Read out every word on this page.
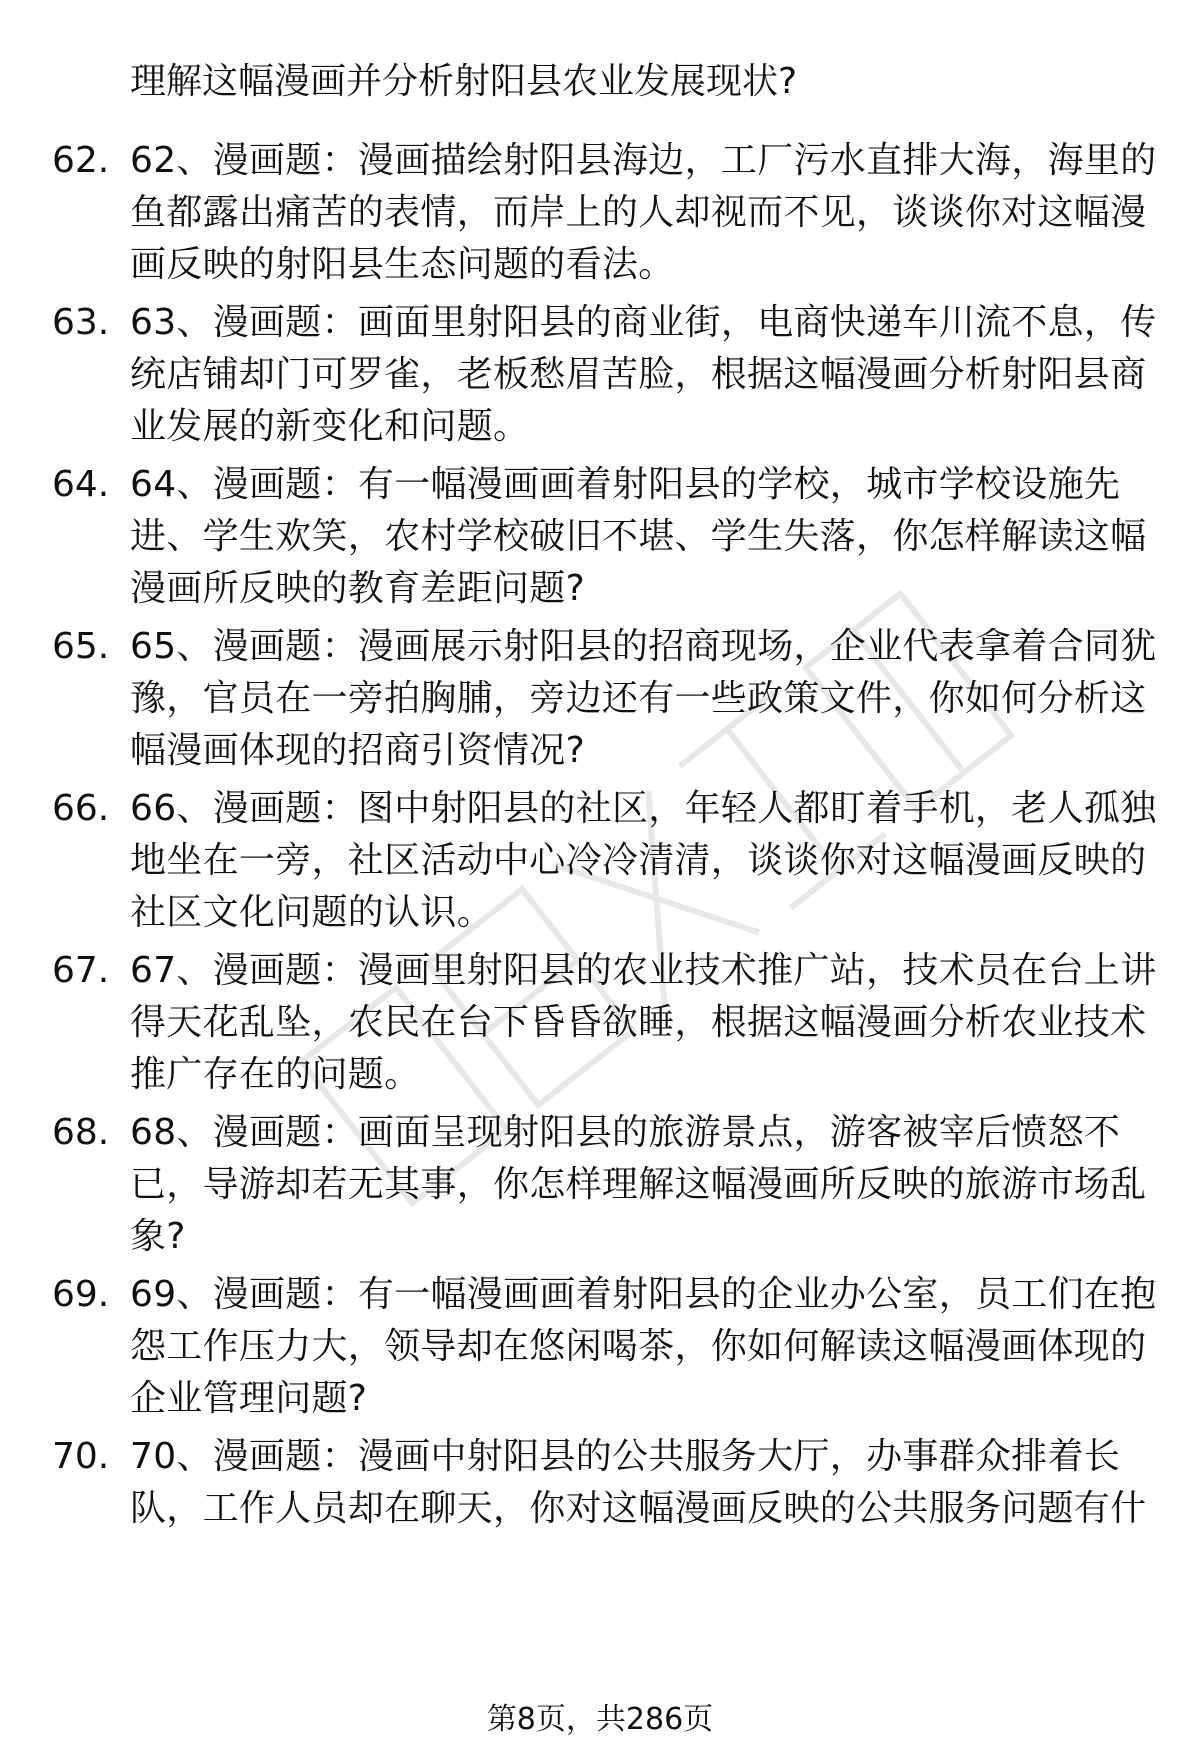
理解这幅漫画并分析射阳县农业发展现状?
62. 62、漫画题：漫画描绘射阳县海边，工厂污水直排大海，海里的
鱼都露出痛苦的表情，而岸上的人却视而不见，谈谈你对这幅漫
画反映的射阳县生态问题的看法。
63. 63、漫画题：画面里射阳县的商业街，电商快递车川流不息，传
统店铺却门可罗雀，老板愁眉苦脸，根据这幅漫画分析射阳县商
业发展的新变化和问题。
64. 64、漫画题：有一幅漫画画着射阳县的学校，城市学校设施先
进、学生欢笑，农村学校破旧不堪、学生失落，你怎样解读这幅
漫画所反映的教育差距问题?
65. 65、漫画题：漫画展示射阳县的招商现场，企业代表拿着合同犹
豫，官员在一旁拍胸脯，旁边还有一些政策文件，你如何分析这
幅漫画体现的招商引资情况?
66. 66、漫画题：图中射阳县的社区，年轻人都盯着手机，老人孤独
地坐在一旁，社区活动中心冷冷清清，谈谈你对这幅漫画反映的
社区文化问题的认识。
67. 67、漫画题：漫画里射阳县的农业技术推广站，技术员在台上讲
得天花乱坠，农民在台下昏昏欲睡，根据这幅漫画分析农业技术
推广存在的问题。
68. 68、漫画题：画面呈现射阳县的旅游景点，游客被宰后愤怒不
已，导游却若无其事，你怎样理解这幅漫画所反映的旅游市场乱
象?
69. 69、漫画题：有一幅漫画画着射阳县的企业办公室，员工们在抱
怨工作压力大，领导却在悠闲喝茶，你如何解读这幅漫画体现的
企业管理问题?
70. 70、漫画题：漫画中射阳县的公共服务大厅，办事群众排着长
队，工作人员却在聊天，你对这幅漫画反映的公共服务问题有什
第8页，共286页
